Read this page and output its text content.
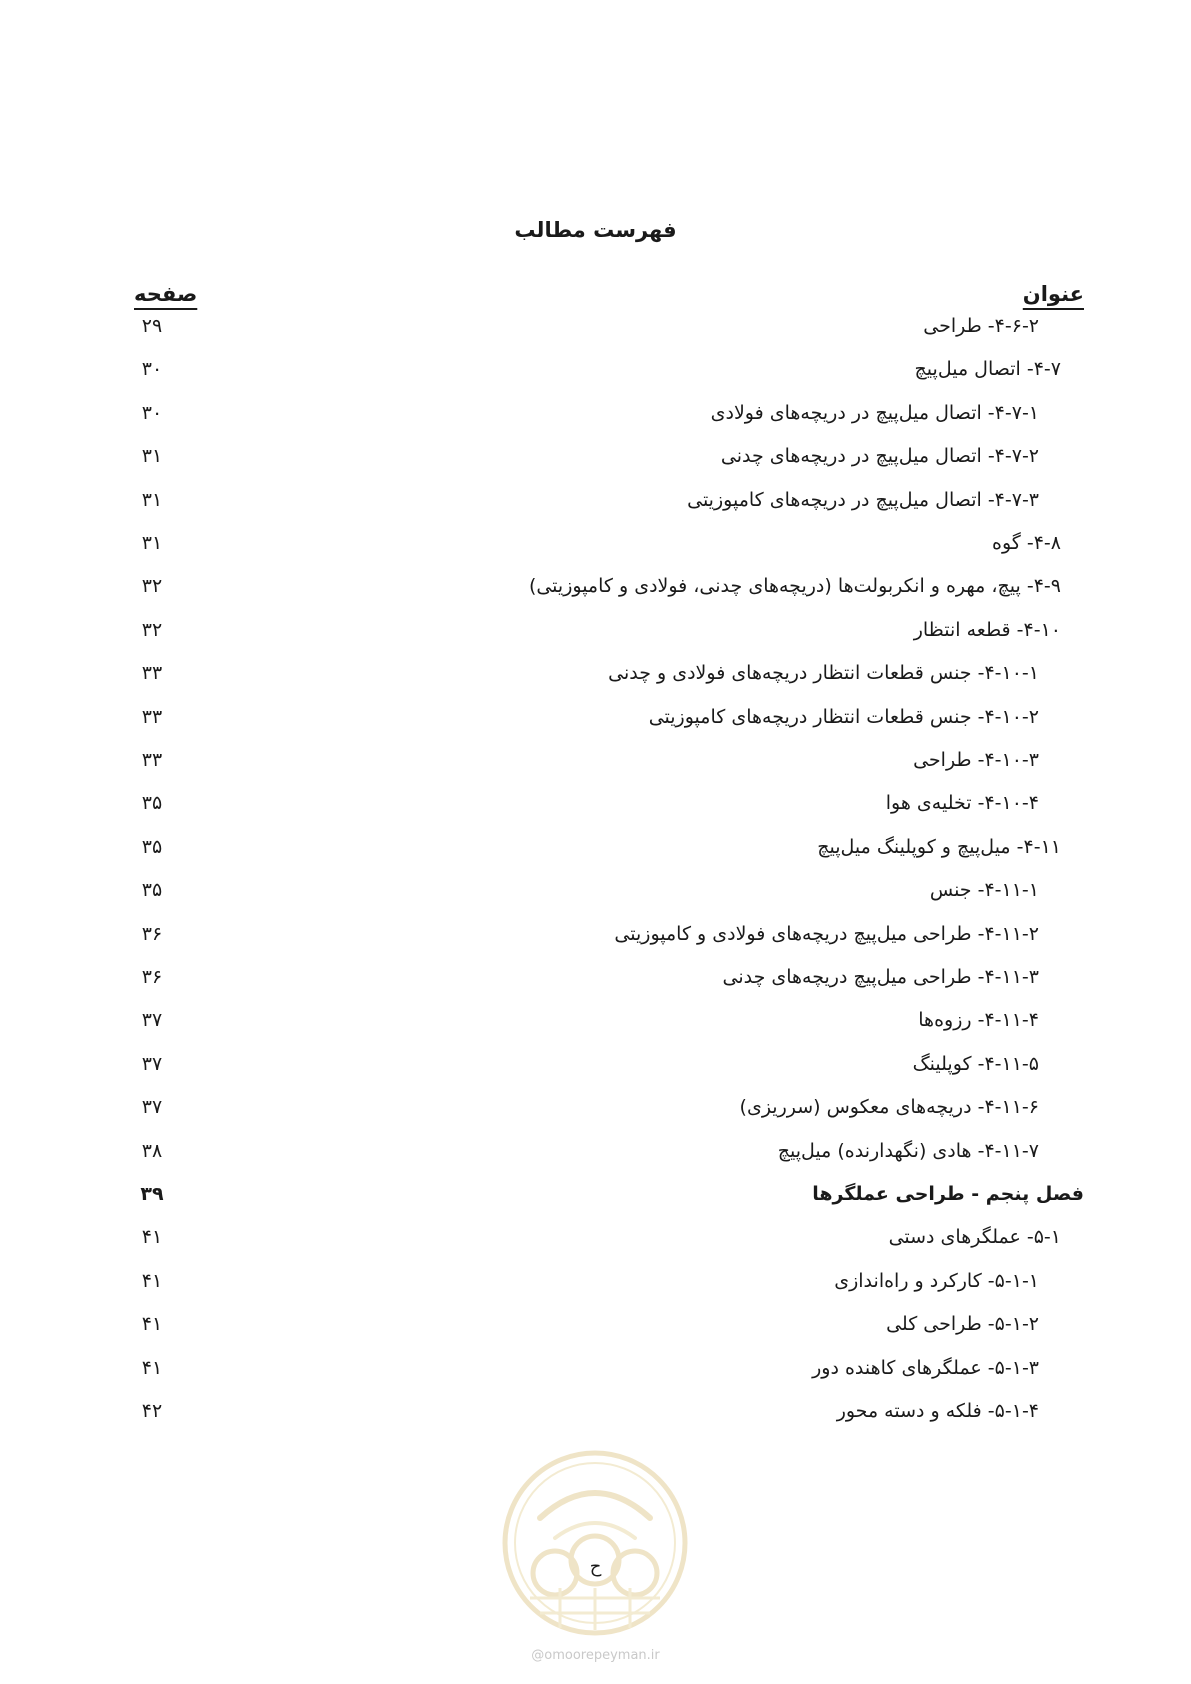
فهرست مطالب
عنوان
صفحه
۴-۶-۲- طراحی
۲۹
۴-۷- اتصال میل‌پیچ
۳۰
۴-۷-۱- اتصال میل‌پیچ در دریچه‌های فولادی
۳۰
۴-۷-۲- اتصال میل‌پیچ در دریچه‌های چدنی
۳۱
۴-۷-۳- اتصال میل‌پیچ در دریچه‌های کامپوزیتی
۳۱
۴-۸- گوه
۳۱
۴-۹- پیچ، مهره و انکربولت‌ها (دریچه‌های چدنی، فولادی و کامپوزیتی)
۳۲
۴-۱۰- قطعه انتظار
۳۲
۴-۱۰-۱- جنس قطعات انتظار دریچه‌های فولادی و چدنی
۳۳
۴-۱۰-۲- جنس قطعات انتظار دریچه‌های کامپوزیتی
۳۳
۴-۱۰-۳- طراحی
۳۳
۴-۱۰-۴- تخلیه‌ی هوا
۳۵
۴-۱۱- میل‌پیچ و کوپلینگ میل‌پیچ
۳۵
۴-۱۱-۱- جنس
۳۵
۴-۱۱-۲- طراحی میل‌پیچ دریچه‌های فولادی و کامپوزیتی
۳۶
۴-۱۱-۳- طراحی میل‌پیچ دریچه‌های چدنی
۳۶
۴-۱۱-۴- رزوه‌ها
۳۷
۴-۱۱-۵- کوپلینگ
۳۷
۴-۱۱-۶- دریچه‌های معکوس (سرریزی)
۳۷
۴-۱۱-۷- هادی (نگهدارنده) میل‌پیچ
۳۸
فصل پنجم - طراحی عملگرها
۳۹
۵-۱- عملگرهای دستی
۴۱
۵-۱-۱- کارکرد و راه‌اندازی
۴۱
۵-۱-۲- طراحی کلی
۴۱
۵-۱-۳- عملگرهای کاهنده دور
۴۱
۵-۱-۴- فلکه و دسته محور
۴۲
ح
@omoorepeyman.ir
